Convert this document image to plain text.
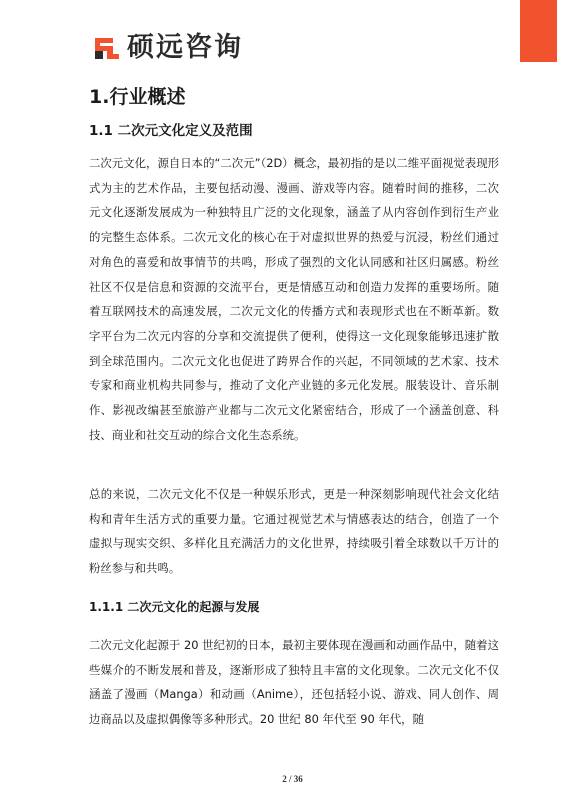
硕远咨询
1.行业概述
1.1 二次元文化定义及范围

二次元文化，源自日本的“二次元”（2D）概念，最初指的是以二维平面视觉表现形式为主的艺术作品，主要包括动漫、漫画、游戏等内容。随着时间的推移，二次元文化逐渐发展成为一种独特且广泛的文化现象，涵盖了从内容创作到衍生产业的完整生态体系。二次元文化的核心在于对虚拟世界的热爱与沉浸，粉丝们通过对角色的喜爱和故事情节的共鸣，形成了强烈的文化认同感和社区归属感。粉丝社区不仅是信息和资源的交流平台，更是情感互动和创造力发挥的重要场所。随着互联网技术的高速发展，二次元文化的传播方式和表现形式也在不断革新。数字平台为二次元内容的分享和交流提供了便利，使得这一文化现象能够迅速扩散到全球范围内。二次元文化也促进了跨界合作的兴起，不同领域的艺术家、技术专家和商业机构共同参与，推动了文化产业链的多元化发展。服装设计、音乐制作、影视改编甚至旅游产业都与二次元文化紧密结合，形成了一个涵盖创意、科技、商业和社交互动的综合文化生态系统。

总的来说，二次元文化不仅是一种娱乐形式，更是一种深刻影响现代社会文化结构和青年生活方式的重要力量。它通过视觉艺术与情感表达的结合，创造了一个虚拟与现实交织、多样化且充满活力的文化世界，持续吸引着全球数以千万计的粉丝参与和共鸣。

1.1.1 二次元文化的起源与发展

二次元文化起源于 20 世纪初的日本，最初主要体现在漫画和动画作品中，随着这些媒介的不断发展和普及，逐渐形成了独特且丰富的文化现象。二次元文化不仅涵盖了漫画（Manga）和动画（Anime），还包括轻小说、游戏、同人创作、周边商品以及虚拟偶像等多种形式。20 世纪 80 年代至 90 年代，随

2 / 36
